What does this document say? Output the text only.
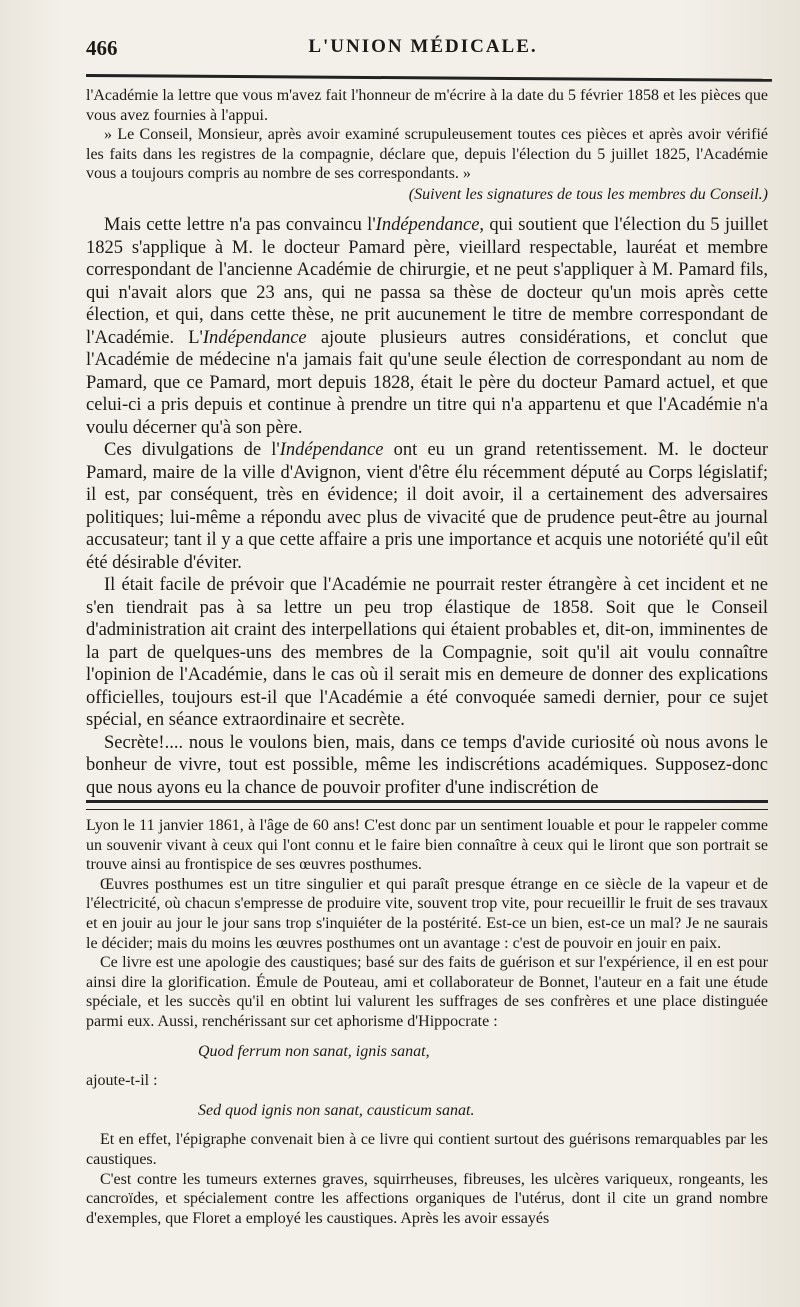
466	L'UNION MÉDICALE.

l'Académie la lettre que vous m'avez fait l'honneur de m'écrire à la date du 5 février 1858 et les pièces que vous avez fournies à l'appui.

» Le Conseil, Monsieur, après avoir examiné scrupuleusement toutes ces pièces et après avoir vérifié les faits dans les registres de la compagnie, déclare que, depuis l'élection du 5 juillet 1825, l'Académie vous a toujours compris au nombre de ses correspondants. »

(Suivent les signatures de tous les membres du Conseil.)

Mais cette lettre n'a pas convaincu l'Indépendance, qui soutient que l'élection du 5 juillet 1825 s'applique à M. le docteur Pamard père, vieillard respectable, lauréat et membre correspondant de l'ancienne Académie de chirurgie, et ne peut s'appliquer à M. Pamard fils, qui n'avait alors que 23 ans, qui ne passa sa thèse de docteur qu'un mois après cette élection, et qui, dans cette thèse, ne prit aucunement le titre de membre correspondant de l'Académie. L'Indépendance ajoute plusieurs autres considérations, et conclut que l'Académie de médecine n'a jamais fait qu'une seule élection de correspondant au nom de Pamard, que ce Pamard, mort depuis 1828, était le père du docteur Pamard actuel, et que celui-ci a pris depuis et continue à prendre un titre qui n'a appartenu et que l'Académie n'a voulu décerner qu'à son père.

Ces divulgations de l'Indépendance ont eu un grand retentissement. M. le docteur Pamard, maire de la ville d'Avignon, vient d'être élu récemment député au Corps législatif; il est, par conséquent, très en évidence; il doit avoir, il a certainement des adversaires politiques; lui-même a répondu avec plus de vivacité que de prudence peut-être au journal accusateur; tant il y a que cette affaire a pris une importance et acquis une notoriété qu'il eût été désirable d'éviter.

Il était facile de prévoir que l'Académie ne pourrait rester étrangère à cet incident et ne s'en tiendrait pas à sa lettre un peu trop élastique de 1858. Soit que le Conseil d'administration ait craint des interpellations qui étaient probables et, dit-on, imminentes de la part de quelques-uns des membres de la Compagnie, soit qu'il ait voulu connaître l'opinion de l'Académie, dans le cas où il serait mis en demeure de donner des explications officielles, toujours est-il que l'Académie a été convoquée samedi dernier, pour ce sujet spécial, en séance extraordinaire et secrète.

Secrète!.... nous le voulons bien, mais, dans ce temps d'avide curiosité où nous avons le bonheur de vivre, tout est possible, même les indiscrétions académiques. Supposez-donc que nous ayons eu la chance de pouvoir profiter d'une indiscrétion de

Lyon le 11 janvier 1861, à l'âge de 60 ans! C'est donc par un sentiment louable et pour le rappeler comme un souvenir vivant à ceux qui l'ont connu et le faire bien connaître à ceux qui le liront que son portrait se trouve ainsi au frontispice de ses œuvres posthumes.

Œuvres posthumes est un titre singulier et qui paraît presque étrange en ce siècle de la vapeur et de l'électricité, où chacun s'empresse de produire vite, souvent trop vite, pour recueillir le fruit de ses travaux et en jouir au jour le jour sans trop s'inquiéter de la postérité. Est-ce un bien, est-ce un mal? Je ne saurais le décider; mais du moins les œuvres posthumes ont un avantage : c'est de pouvoir en jouir en paix.

Ce livre est une apologie des caustiques; basé sur des faits de guérison et sur l'expérience, il en est pour ainsi dire la glorification. Émule de Pouteau, ami et collaborateur de Bonnet, l'auteur en a fait une étude spéciale, et les succès qu'il en obtint lui valurent les suffrages de ses confrères et une place distinguée parmi eux. Aussi, renchérissant sur cet aphorisme d'Hippocrate :

Quod ferrum non sanat, ignis sanat,

ajoute-t-il :

Sed quod ignis non sanat, causticum sanat.

Et en effet, l'épigraphe convenait bien à ce livre qui contient surtout des guérisons remarquables par les caustiques.

C'est contre les tumeurs externes graves, squirrheuses, fibreuses, les ulcères variqueux, rongeants, les cancroïdes, et spécialement contre les affections organiques de l'utérus, dont il cite un grand nombre d'exemples, que Floret a employé les caustiques. Après les avoir essayés
